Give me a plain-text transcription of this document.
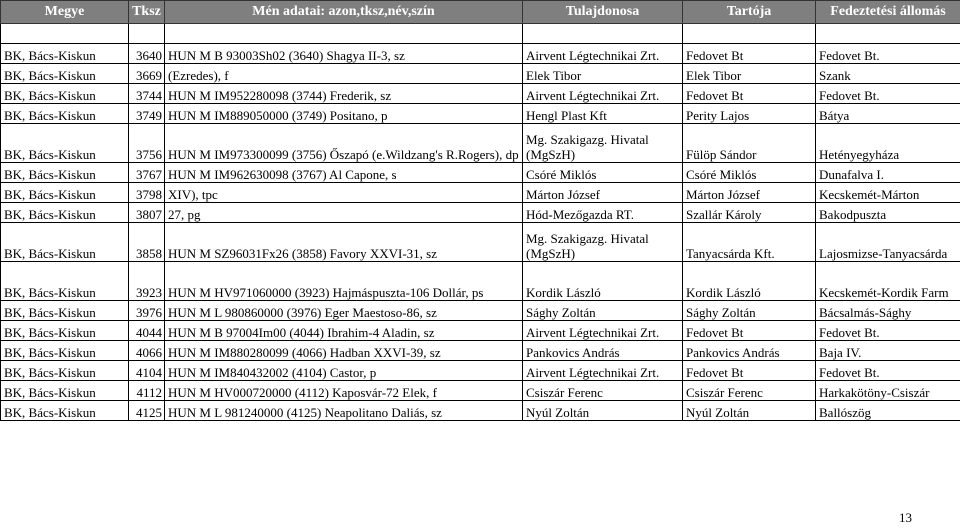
Megye	Tksz	Mén adatai: azon,tksz,név,szín	Tulajdonosa	Tartója	Fedeztetési állomás

BK, Bács-Kiskun	3640	HUN M B 93003Sh02 (3640) Shagya II-3, sz	Airvent Légtechnikai Zrt.	Fedovet Bt	Fedovet Bt.
BK, Bács-Kiskun	3669	(Ezredes), f	Elek Tibor	Elek Tibor	Szank
BK, Bács-Kiskun	3744	HUN M IM952280098 (3744) Frederik, sz	Airvent Légtechnikai Zrt.	Fedovet Bt	Fedovet Bt.
BK, Bács-Kiskun	3749	HUN M IM889050000 (3749) Positano, p	Hengl Plast Kft	Perity Lajos	Bátya
BK, Bács-Kiskun	3756	HUN M IM973300099 (3756) Őszapó (e.Wildzang's R.Rogers), dp	Mg. Szakigazg. Hivatal (MgSzH)	Fülöp Sándor	Hetényegyháza
BK, Bács-Kiskun	3767	HUN M IM962630098 (3767) Al Capone, s	Csóré Miklós	Csóré Miklós	Dunafalva I.
BK, Bács-Kiskun	3798	XIV), tpc	Márton József	Márton József	Kecskemét-Márton
BK, Bács-Kiskun	3807	27, pg	Hód-Mezőgazda RT.	Szallár Károly	Bakodpuszta
BK, Bács-Kiskun	3858	HUN M SZ96031Fx26 (3858) Favory XXVI-31, sz	Mg. Szakigazg. Hivatal (MgSzH)	Tanyacsárda Kft.	Lajosmizse-Tanyacsárda
BK, Bács-Kiskun	3923	HUN M HV971060000 (3923) Hajmáspuszta-106 Dollár, ps	Kordik László	Kordik László	Kecskemét-Kordik Farm
BK, Bács-Kiskun	3976	HUN M L 980860000 (3976) Eger Maestoso-86, sz	Sághy Zoltán	Sághy Zoltán	Bácsalmás-Sághy
BK, Bács-Kiskun	4044	HUN M B 97004Im00 (4044) Ibrahim-4 Aladin, sz	Airvent Légtechnikai Zrt.	Fedovet Bt	Fedovet Bt.
BK, Bács-Kiskun	4066	HUN M IM880280099 (4066) Hadban XXVI-39, sz	Pankovics András	Pankovics András	Baja IV.
BK, Bács-Kiskun	4104	HUN M IM840432002 (4104) Castor, p	Airvent Légtechnikai Zrt.	Fedovet Bt	Fedovet Bt.
BK, Bács-Kiskun	4112	HUN M HV000720000 (4112) Kaposvár-72 Elek, f	Csiszár Ferenc	Csiszár Ferenc	Harkakötöny-Csiszár
BK, Bács-Kiskun	4125	HUN M L 981240000 (4125) Neapolitano Daliás, sz	Nyúl Zoltán	Nyúl Zoltán	Ballószög
13
